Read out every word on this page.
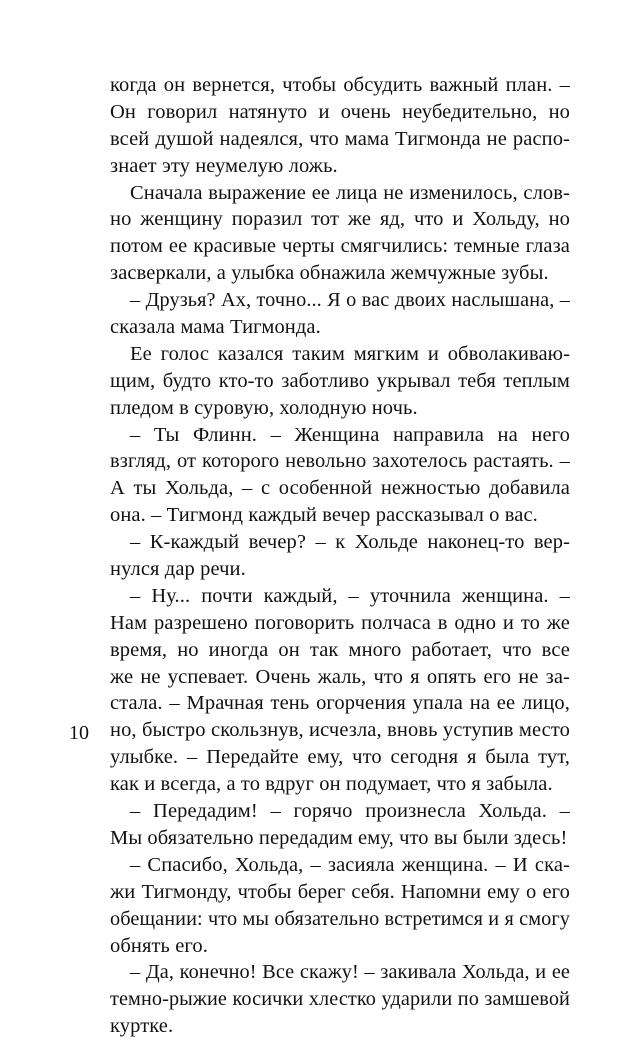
когда он вернется, чтобы обсудить важный план. –
Он говорил натянуто и очень неубедительно, но
всей душой надеялся, что мама Тигмонда не распо-
знает эту неумелую ложь.
Сначала выражение ее лица не изменилось, слов-
но женщину поразил тот же яд, что и Хольду, но
потом ее красивые черты смягчились: темные глаза
засверкали, а улыбка обнажила жемчужные зубы.
– Друзья? Ах, точно... Я о вас двоих наслышана, –
сказала мама Тигмонда.
Ее голос казался таким мягким и обволакиваю-
щим, будто кто-то заботливо укрывал тебя теплым
пледом в суровую, холодную ночь.
– Ты Флинн. – Женщина направила на него
взгляд, от которого невольно захотелось растаять. –
А ты Хольда, – с особенной нежностью добавила
она. – Тигмонд каждый вечер рассказывал о вас.
– К-каждый вечер? – к Хольде наконец-то вер-
нулся дар речи.
– Ну... почти каждый, – уточнила женщина. –
Нам разрешено поговорить полчаса в одно и то же
время, но иногда он так много работает, что все
же не успевает. Очень жаль, что я опять его не за-
стала. – Мрачная тень огорчения упала на ее лицо,
но, быстро скользнув, исчезла, вновь уступив место
улыбке. – Передайте ему, что сегодня я была тут,
как и всегда, а то вдруг он подумает, что я забыла.
– Передадим! – горячо произнесла Хольда. –
Мы обязательно передадим ему, что вы были здесь!
– Спасибо, Хольда, – засияла женщина. – И ска-
жи Тигмонду, чтобы берег себя. Напомни ему о его
обещании: что мы обязательно встретимся и я смогу
обнять его.
– Да, конечно! Все скажу! – закивала Хольда, и ее
темно-рыжие косички хлестко ударили по замшевой
куртке.
10
